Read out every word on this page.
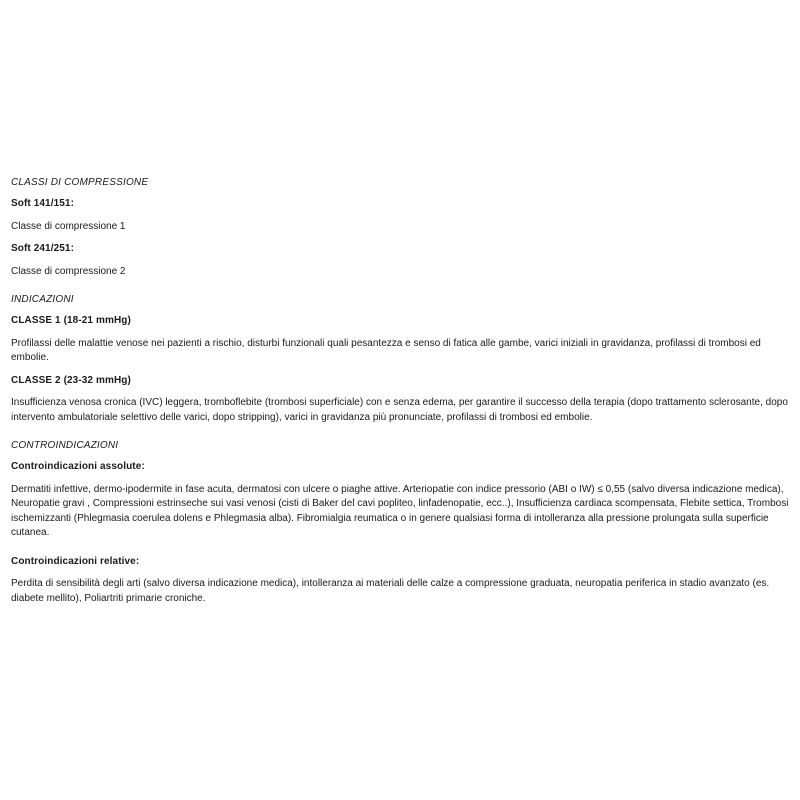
CLASSI DI COMPRESSIONE

Soft 141/151:

Classe di compressione 1

Soft 241/251:

Classe di compressione 2

INDICAZIONI

CLASSE 1 (18-21 mmHg)

Profilassi delle malattie venose nei pazienti a rischio, disturbi funzionali quali pesantezza e senso di fatica alle gambe, varici iniziali in gravidanza, profilassi di trombosi ed embolie.

CLASSE 2 (23-32 mmHg)

Insufficienza venosa cronica (IVC) leggera, tromboflebite (trombosi superficiale) con e senza edema, per garantire il successo della terapia (dopo trattamento sclerosante, dopo intervento ambulatoriale selettivo delle varici, dopo stripping), varici in gravidanza più pronunciate, profilassi di trombosi ed embolie.

CONTROINDICAZIONI

Controindicazioni assolute:

Dermatiti infettive, dermo-ipodermite in fase acuta, dermatosi con ulcere o piaghe attive. Arteriopatie con indice pressorio (ABI o IW) ≤ 0,55 (salvo diversa indicazione medica), Neuropatie gravi , Compressioni estrinseche sui vasi venosi (cisti di Baker del cavi popliteo, linfadenopatie, ecc..), Insufficienza cardiaca scompensata, Flebite settica, Trombosi ischemizzanti (Phlegmasia coerulea dolens e Phlegmasia alba). Fibromialgia reumatica o in genere qualsiasi forma di intolleranza alla pressione prolungata sulla superficie cutanea.

Controindicazioni relative:

Perdita di sensibilità degli arti (salvo diversa indicazione medica), intolleranza ai materiali delle calze a compressione graduata, neuropatia periferica in stadio avanzato (es. diabete mellito), Poliartriti primarie croniche.
